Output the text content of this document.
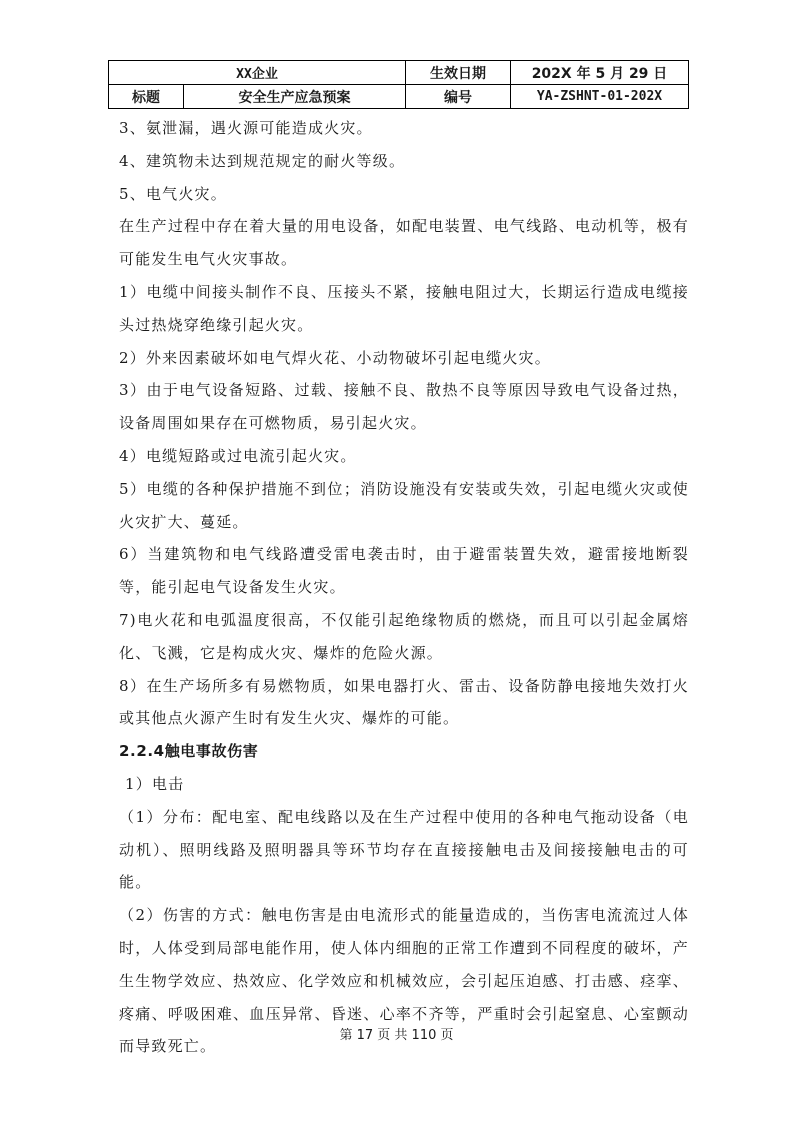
XX企业		生效日期	202X 年 5 月 29 日
标题	安全生产应急预案	编号	YA-ZSHNT-01-202X

3、氨泄漏，遇火源可能造成火灾。

4、建筑物未达到规范规定的耐火等级。

5、电气火灾。

在生产过程中存在着大量的用电设备，如配电装置、电气线路、电动机等，极有可能发生电气火灾事故。

1）电缆中间接头制作不良、压接头不紧，接触电阻过大，长期运行造成电缆接头过热烧穿绝缘引起火灾。

2）外来因素破坏如电气焊火花、小动物破坏引起电缆火灾。

3）由于电气设备短路、过载、接触不良、散热不良等原因导致电气设备过热，设备周围如果存在可燃物质，易引起火灾。

4）电缆短路或过电流引起火灾。

5）电缆的各种保护措施不到位；消防设施没有安装或失效，引起电缆火灾或使火灾扩大、蔓延。

6）当建筑物和电气线路遭受雷电袭击时，由于避雷装置失效，避雷接地断裂等，能引起电气设备发生火灾。

7)电火花和电弧温度很高，不仅能引起绝缘物质的燃烧，而且可以引起金属熔化、飞溅，它是构成火灾、爆炸的危险火源。

8）在生产场所多有易燃物质，如果电器打火、雷击、设备防静电接地失效打火或其他点火源产生时有发生火灾、爆炸的可能。

2.2.4触电事故伤害

1）电击

（1）分布：配电室、配电线路以及在生产过程中使用的各种电气拖动设备（电动机）、照明线路及照明器具等环节均存在直接接触电击及间接接触电击的可能。

（2）伤害的方式：触电伤害是由电流形式的能量造成的，当伤害电流流过人体时，人体受到局部电能作用，使人体内细胞的正常工作遭到不同程度的破坏，产生生物学效应、热效应、化学效应和机械效应，会引起压迫感、打击感、痉挛、疼痛、呼吸困难、血压异常、昏迷、心率不齐等，严重时会引起窒息、心室颤动而导致死亡。

第 17 页 共 110 页
